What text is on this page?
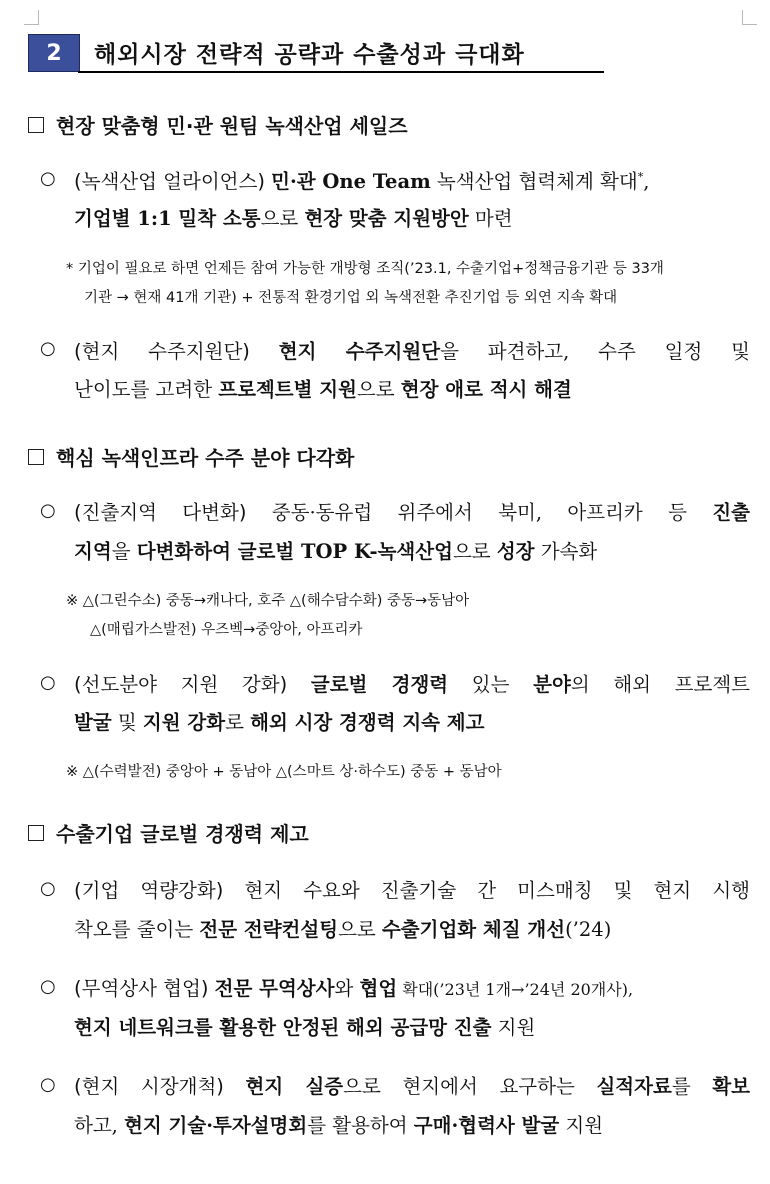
2	해외시장 전략적 공략과 수출성과 극대화
현장 맞춤형 민·관 원팀 녹색산업 세일즈
○ (녹색산업 얼라이언스) 민·관 One Team 녹색산업 협력체계 확대*,
기업별 1:1 밀착 소통으로 현장 맞춤 지원방안 마련
* 기업이 필요로 하면 언제든 참여 가능한 개방형 조직(’23.1, 수출기업+정책금융기관 등 33개
기관 → 현재 41개 기관) + 전통적 환경기업 외 녹색전환 추진기업 등 외연 지속 확대
○ (현지 수주지원단) 현지 수주지원단을 파견하고, 수주 일정 및
난이도를 고려한 프로젝트별 지원으로 현장 애로 적시 해결
핵심 녹색인프라 수주 분야 다각화
○ (진출지역 다변화) 중동·동유럽 위주에서 북미, 아프리카 등 진출
지역을 다변화하여 글로벌 TOP K-녹색산업으로 성장 가속화
※ △(그린수소) 중동→캐나다, 호주 △(해수담수화) 중동→동남아
△(매립가스발전) 우즈벡→중앙아, 아프리카
○ (선도분야 지원 강화) 글로벌 경쟁력 있는 분야의 해외 프로젝트
발굴 및 지원 강화로 해외 시장 경쟁력 지속 제고
※ △(수력발전) 중앙아 + 동남아 △(스마트 상·하수도) 중동 + 동남아
수출기업 글로벌 경쟁력 제고
○ (기업 역량강화) 현지 수요와 진출기술 간 미스매칭 및 현지 시행
착오를 줄이는 전문 전략컨설팅으로 수출기업화 체질 개선(’24)
○ (무역상사 협업) 전문 무역상사와 협업 확대(’23년 1개→’24년 20개사),
현지 네트워크를 활용한 안정된 해외 공급망 진출 지원
○ (현지 시장개척) 현지 실증으로 현지에서 요구하는 실적자료를 확보
하고, 현지 기술·투자설명회를 활용하여 구매·협력사 발굴 지원
